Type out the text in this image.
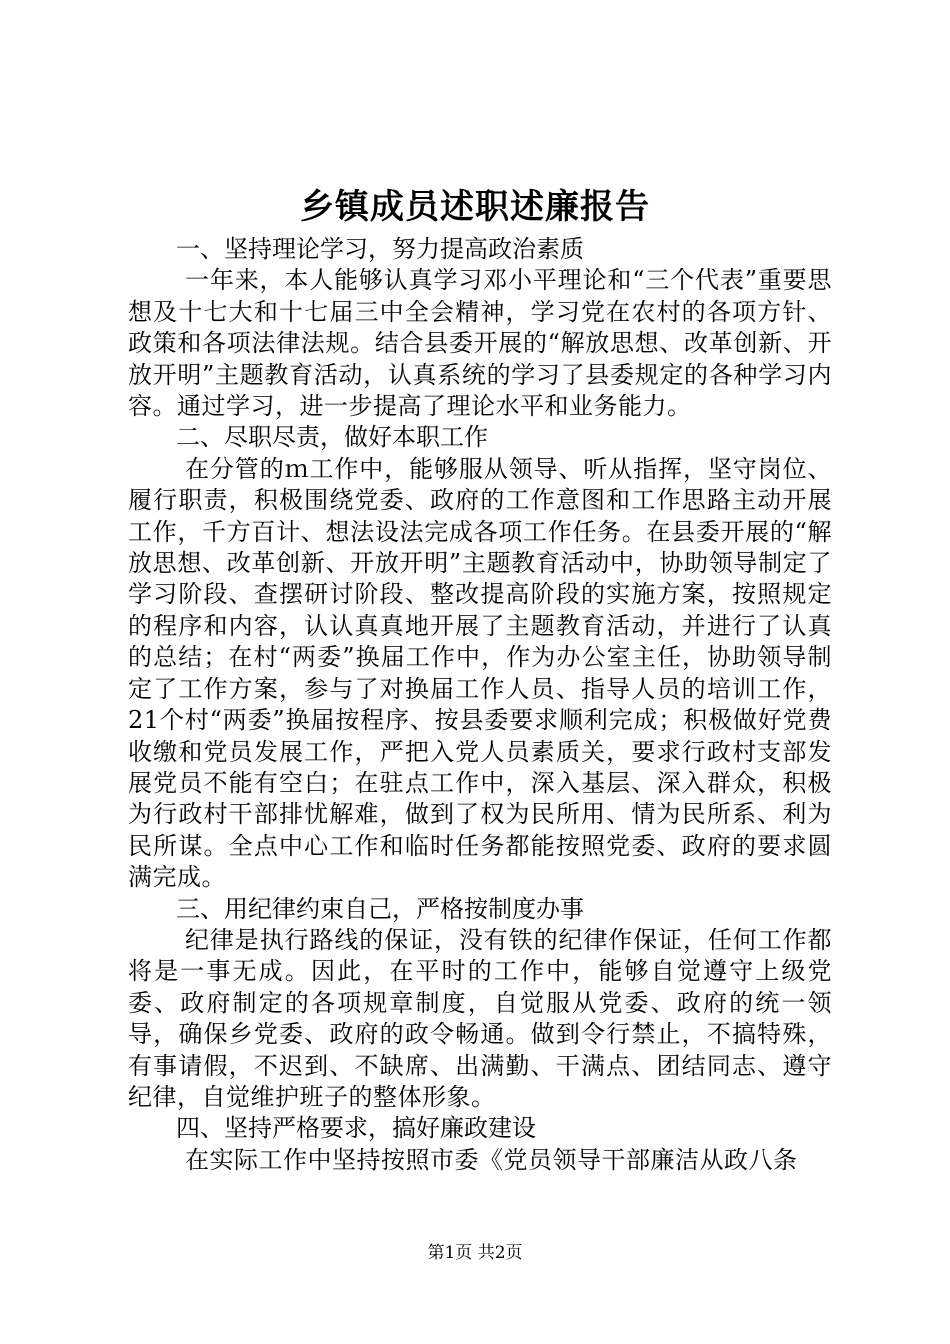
乡镇成员述职述廉报告

一、坚持理论学习，努力提高政治素质

一年来，本人能够认真学习邓小平理论和“三个代表”重要思想及十七大和十七届三中全会精神，学习党在农村的各项方针、政策和各项法律法规。结合县委开展的“解放思想、改革创新、开放开明”主题教育活动，认真系统的学习了县委规定的各种学习内容。通过学习，进一步提高了理论水平和业务能力。

二、尽职尽责，做好本职工作

在分管的ｍ工作中，能够服从领导、听从指挥，坚守岗位、履行职责，积极围绕党委、政府的工作意图和工作思路主动开展工作，千方百计、想法设法完成各项工作任务。在县委开展的“解放思想、改革创新、开放开明”主题教育活动中，协助领导制定了学习阶段、查摆研讨阶段、整改提高阶段的实施方案，按照规定的程序和内容，认认真真地开展了主题教育活动，并进行了认真的总结；在村“两委”换届工作中，作为办公室主任，协助领导制定了工作方案，参与了对换届工作人员、指导人员的培训工作，21个村“两委”换届按程序、按县委要求顺利完成；积极做好党费收缴和党员发展工作，严把入党人员素质关，要求行政村支部发展党员不能有空白；在驻点工作中，深入基层、深入群众，积极为行政村干部排忧解难，做到了权为民所用、情为民所系、利为民所谋。全点中心工作和临时任务都能按照党委、政府的要求圆满完成。

三、用纪律约束自己，严格按制度办事

纪律是执行路线的保证，没有铁的纪律作保证，任何工作都将是一事无成。因此，在平时的工作中，能够自觉遵守上级党委、政府制定的各项规章制度，自觉服从党委、政府的统一领导，确保乡党委、政府的政令畅通。做到令行禁止，不搞特殊，有事请假，不迟到、不缺席、出满勤、干满点、团结同志、遵守纪律，自觉维护班子的整体形象。

四、坚持严格要求，搞好廉政建设

在实际工作中坚持按照市委《党员领导干部廉洁从政八条

第1页 共2页
